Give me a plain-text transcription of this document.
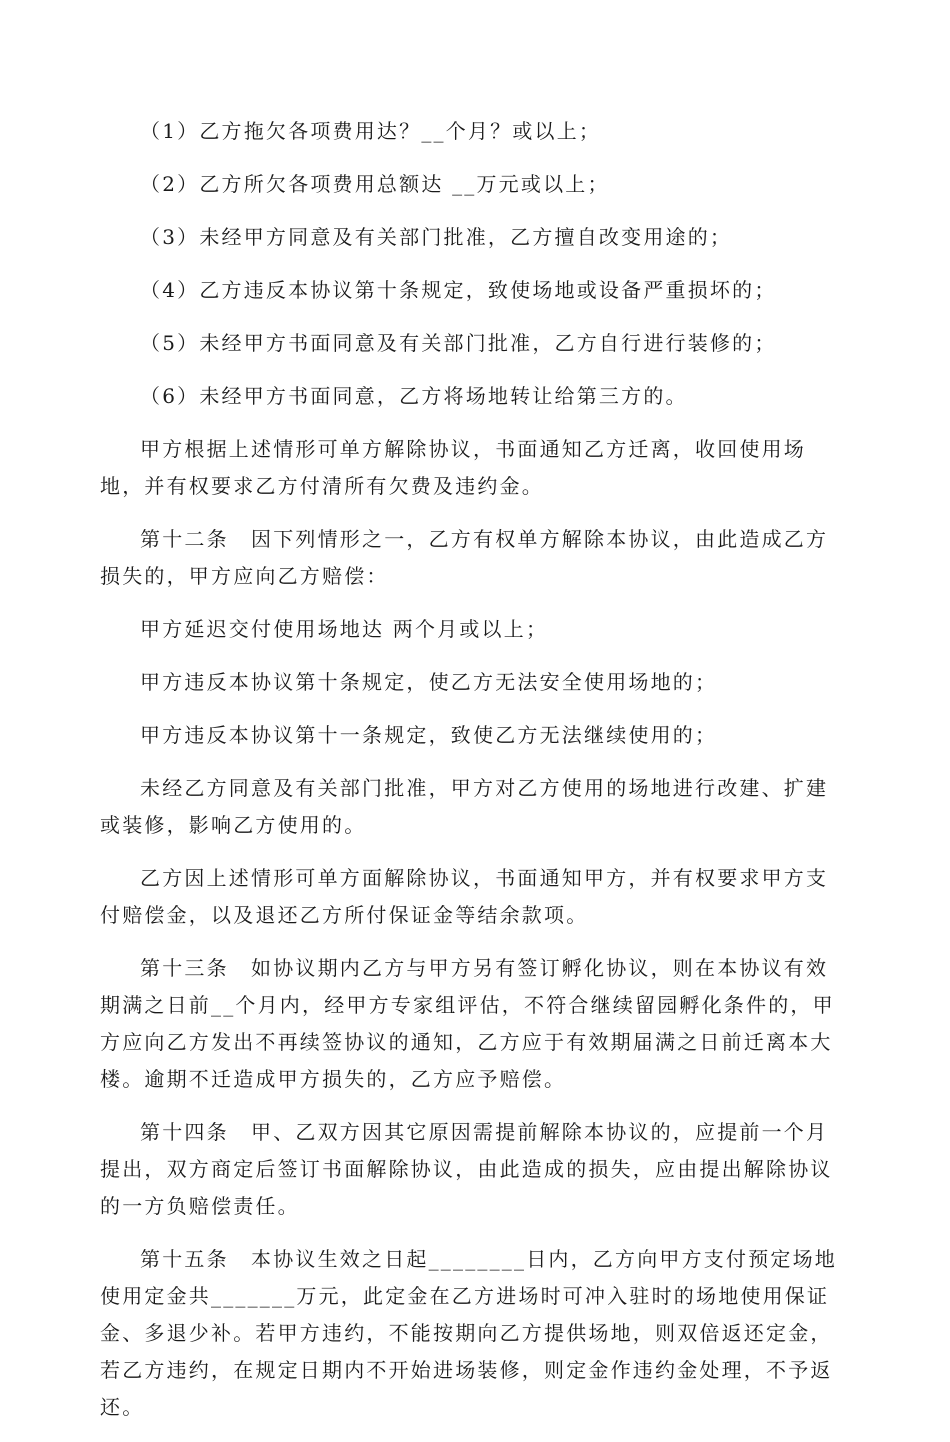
（1）乙方拖欠各项费用达？__个月？或以上；

（2）乙方所欠各项费用总额达 __万元或以上；

（3）未经甲方同意及有关部门批准，乙方擅自改变用途的；

（4）乙方违反本协议第十条规定，致使场地或设备严重损坏的；

（5）未经甲方书面同意及有关部门批准，乙方自行进行装修的；

（6）未经甲方书面同意，乙方将场地转让给第三方的。

甲方根据上述情形可单方解除协议，书面通知乙方迁离，收回使用场地，并有权要求乙方付清所有欠费及违约金。

第十二条　因下列情形之一，乙方有权单方解除本协议，由此造成乙方损失的，甲方应向乙方赔偿：

甲方延迟交付使用场地达 两个月或以上；

甲方违反本协议第十条规定，使乙方无法安全使用场地的；

甲方违反本协议第十一条规定，致使乙方无法继续使用的；

未经乙方同意及有关部门批准，甲方对乙方使用的场地进行改建、扩建或装修，影响乙方使用的。

乙方因上述情形可单方面解除协议，书面通知甲方，并有权要求甲方支付赔偿金，以及退还乙方所付保证金等结余款项。

第十三条　如协议期内乙方与甲方另有签订孵化协议，则在本协议有效期满之日前__个月内，经甲方专家组评估，不符合继续留园孵化条件的，甲方应向乙方发出不再续签协议的通知，乙方应于有效期届满之日前迁离本大楼。逾期不迁造成甲方损失的，乙方应予赔偿。

第十四条　甲、乙双方因其它原因需提前解除本协议的，应提前一个月提出，双方商定后签订书面解除协议，由此造成的损失，应由提出解除协议的一方负赔偿责任。

第十五条　本协议生效之日起________日内，乙方向甲方支付预定场地使用定金共_______万元，此定金在乙方进场时可冲入驻时的场地使用保证金、多退少补。若甲方违约，不能按期向乙方提供场地，则双倍返还定金，若乙方违约，在规定日期内不开始进场装修，则定金作违约金处理，不予返还。
